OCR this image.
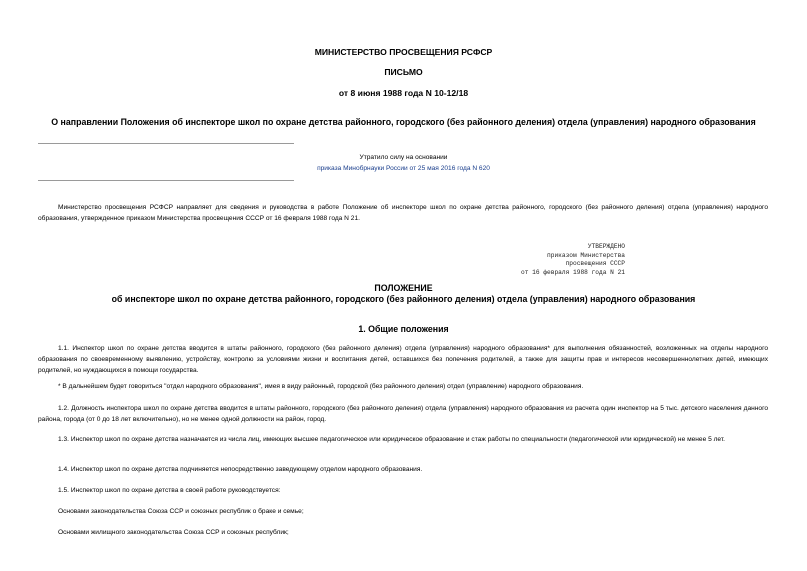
МИНИСТЕРСТВО ПРОСВЕЩЕНИЯ РСФСР
ПИСЬМО
от 8 июня 1988 года N 10-12/18
О направлении Положения об инспекторе школ по охране детства районного, городского (без районного деления) отдела (управления) народного образования
Утратило силу на основании
приказа Минобрнауки России от 25 мая 2016 года N 620
Министерство просвещения РСФСР направляет для сведения и руководства в работе Положение об инспекторе школ по охране детства районного, городского (без районного деления) отдела (управления) народного образования, утвержденное приказом Министерства просвещения СССР от 16 февраля 1988 года N 21.
УТВЕРЖДЕНО
приказом Министерства
просвещения СССР
от 16 февраля 1988 года N 21
ПОЛОЖЕНИЕ
об инспекторе школ по охране детства районного, городского (без районного деления) отдела (управления) народного образования
1. Общие положения
1.1. Инспектор школ по охране детства вводится в штаты районного, городского (без районного деления) отдела (управления) народного образования* для выполнения обязанностей, возложенных на отделы народного образования по своевременному выявлению, устройству, контролю за условиями жизни и воспитания детей, оставшихся без попечения родителей, а также для защиты прав и интересов несовершеннолетних детей, имеющих родителей, но нуждающихся в помощи государства.
* В дальнейшем будет говориться "отдел народного образования", имея в виду районный, городской (без районного деления) отдел (управление) народного образования.
1.2. Должность инспектора школ по охране детства вводится в штаты районного, городского (без районного деления) отдела (управления) народного образования из расчета один инспектор на 5 тыс. детского населения данного района, города (от 0 до 18 лет включительно), но не менее одной должности на район, город.
1.3. Инспектор школ по охране детства назначается из числа лиц, имеющих высшее педагогическое или юридическое образование и стаж работы по специальности (педагогической или юридической) не менее 5 лет.
1.4. Инспектор школ по охране детства подчиняется непосредственно заведующему отделом народного образования.
1.5. Инспектор школ по охране детства в своей работе руководствуется:
Основами законодательства Союза ССР и союзных республик о браке и семье;
Основами жилищного законодательства Союза ССР и союзных республик;
